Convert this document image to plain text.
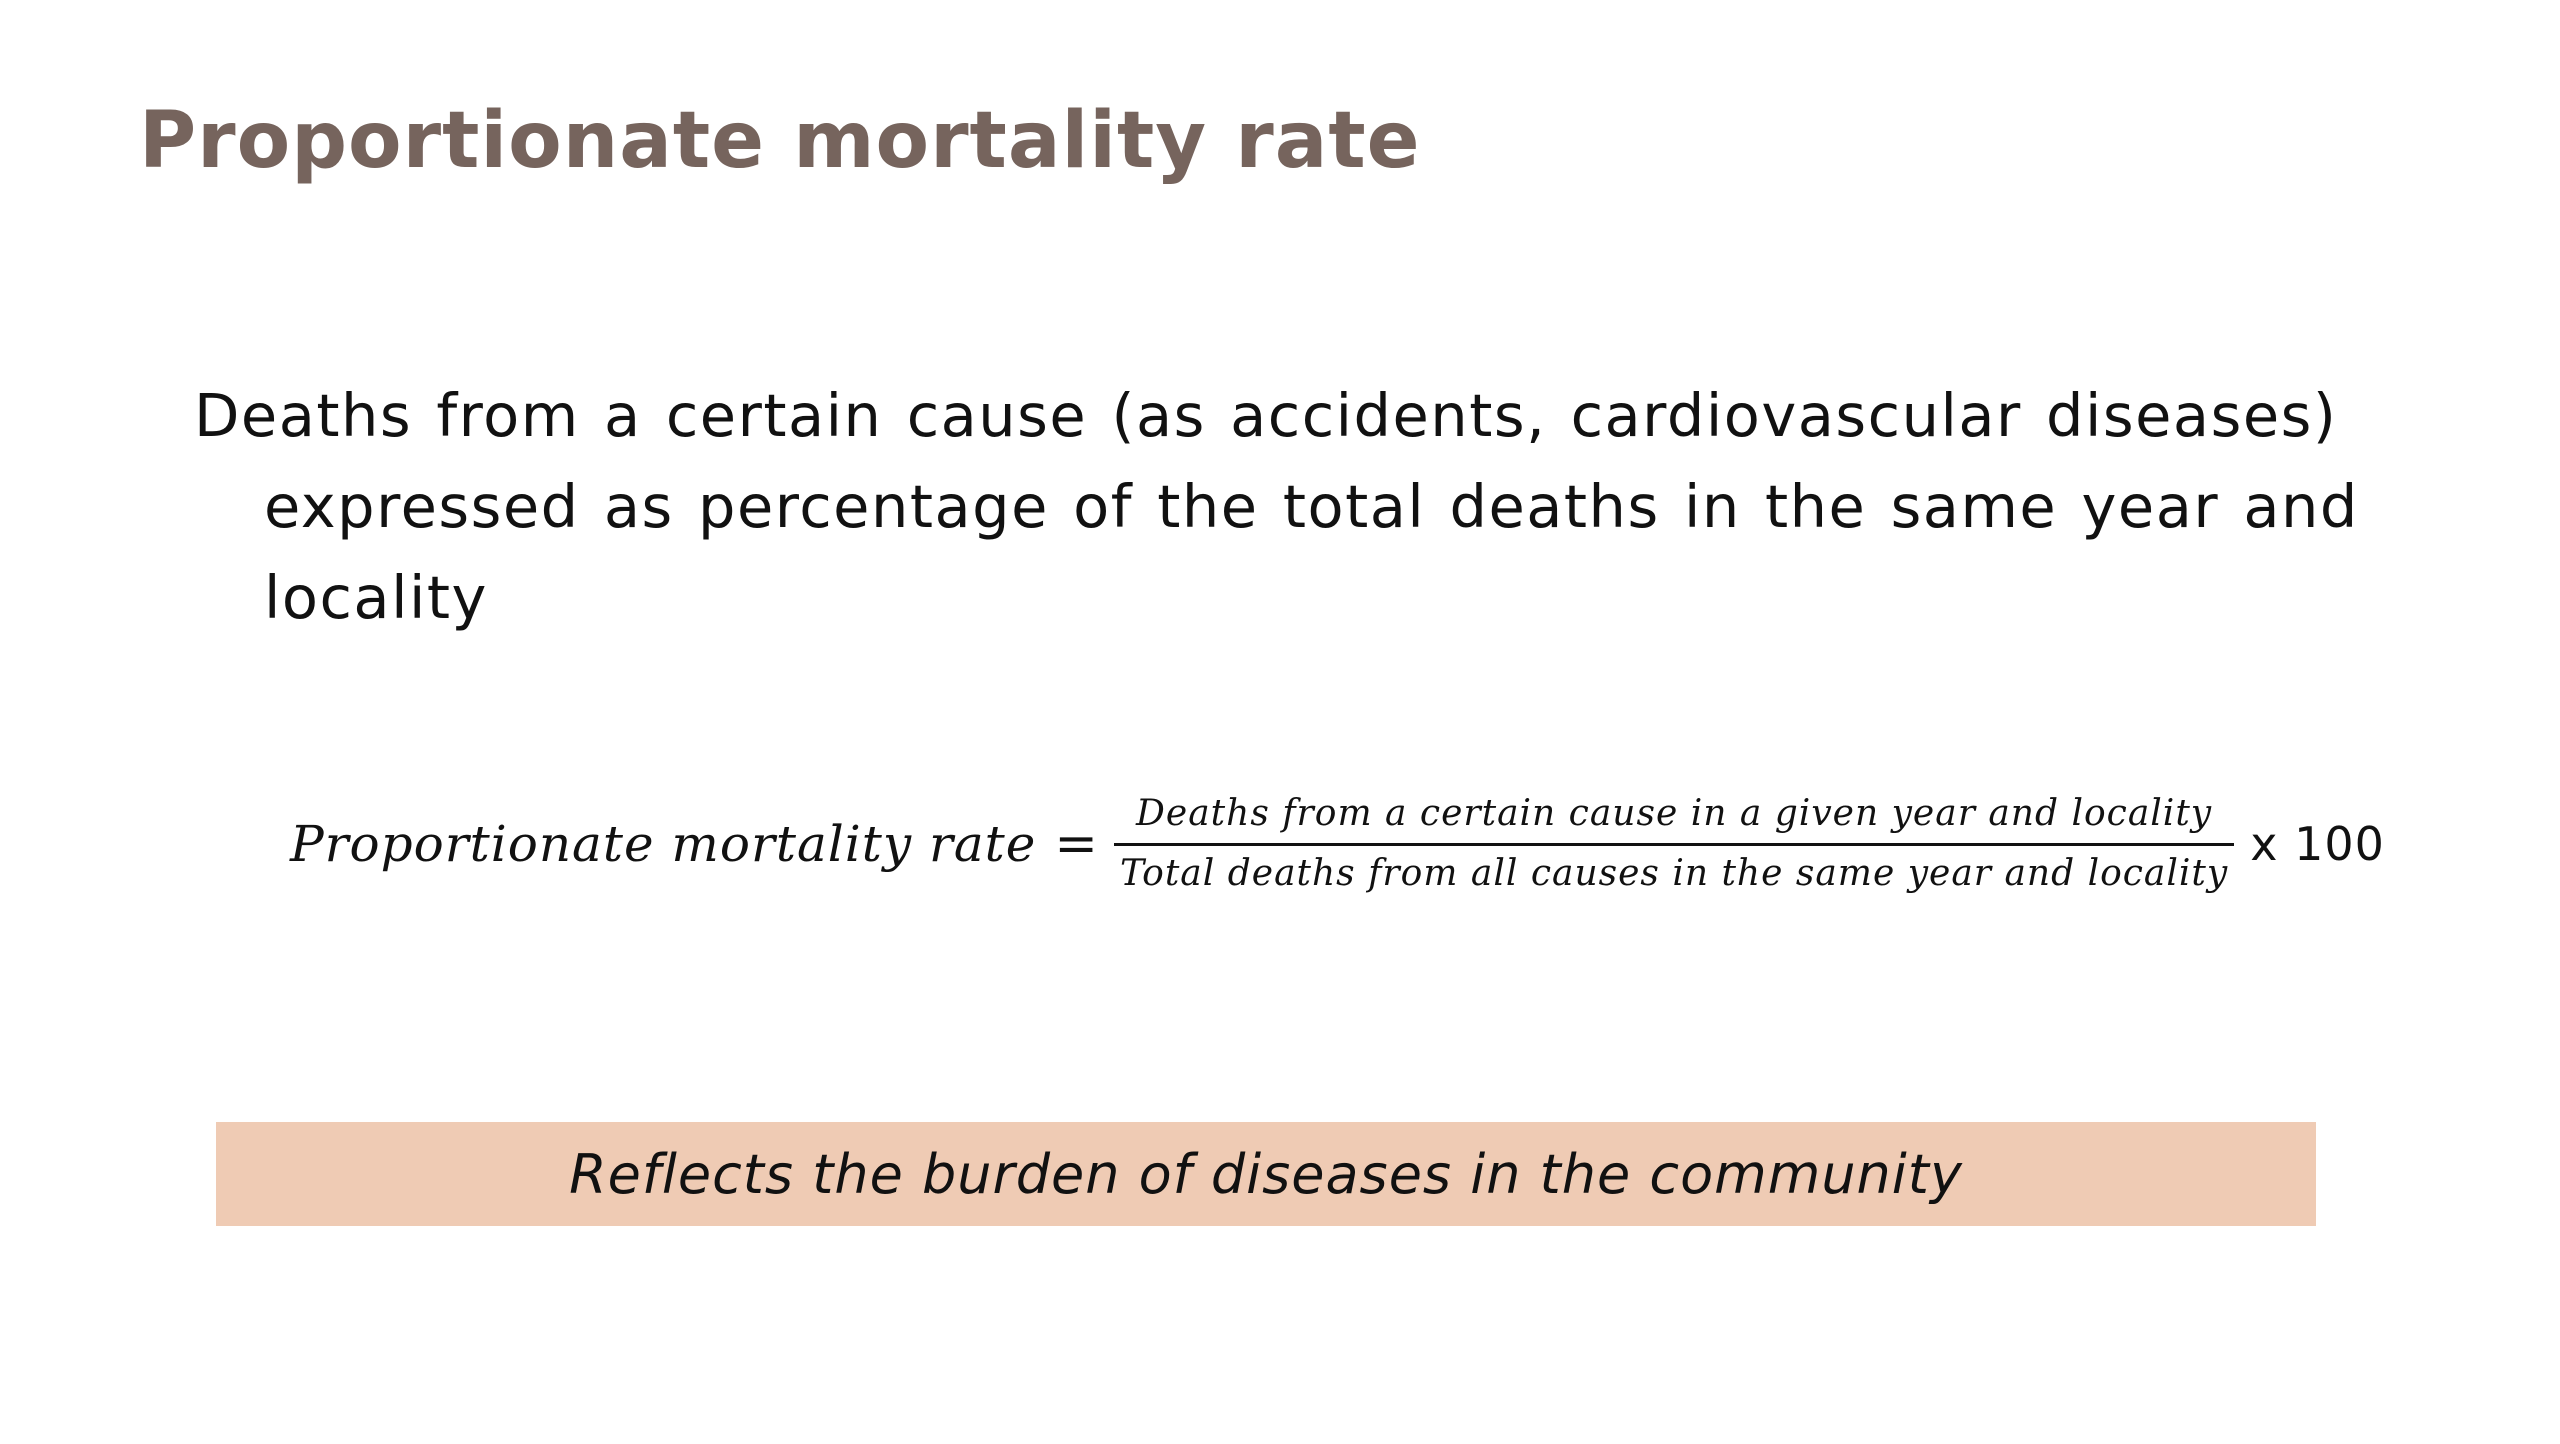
Proportionate mortality rate

Deaths from a certain cause (as accidents, cardiovascular diseases) expressed as percentage of the total deaths in the same year and locality

Proportionate mortality rate = $\frac{\text{Deaths from a certain cause in a given year and locality}}{\text{Total deaths from all causes in the same year and locality}}$ x 100
Reflects the burden of diseases in the community
